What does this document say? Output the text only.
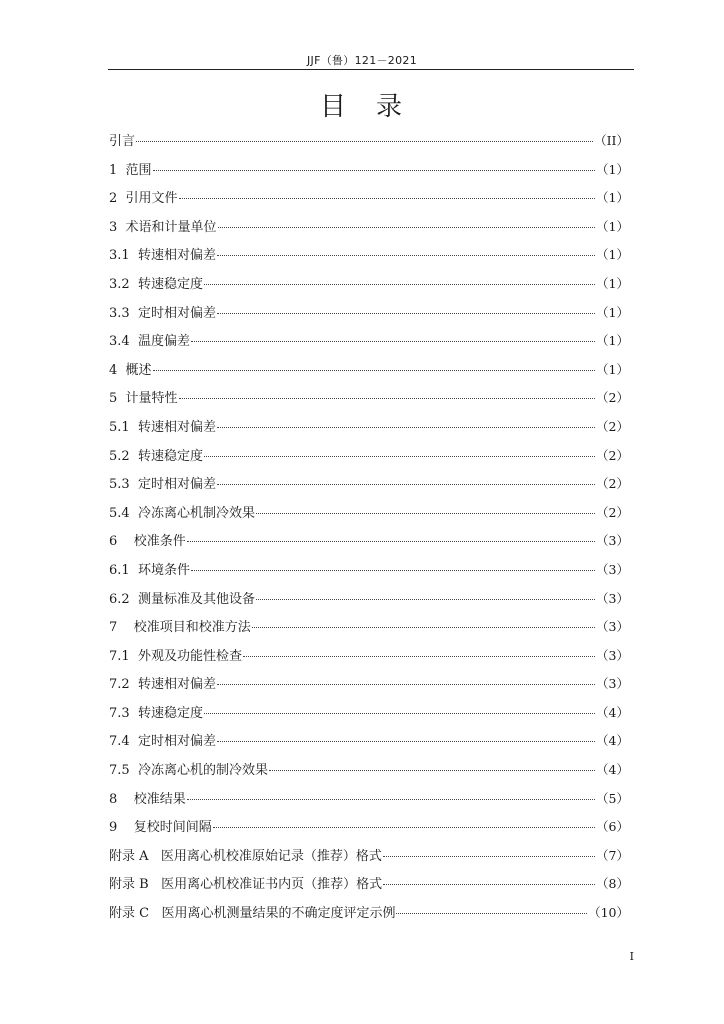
JJF（鲁）121－2021
目　录
引言	（II）
1  范围	（1）
2  引用文件	（1）
3  术语和计量单位	（1）
3.1  转速相对偏差	（1）
3.2  转速稳定度	（1）
3.3  定时相对偏差	（1）
3.4  温度偏差	（1）
4  概述	（1）
5  计量特性	（2）
5.1  转速相对偏差	（2）
5.2  转速稳定度	（2）
5.3  定时相对偏差	（2）
5.4  冷冻离心机制冷效果	（2）
6    校准条件	（3）
6.1  环境条件	（3）
6.2  测量标准及其他设备	（3）
7    校准项目和校准方法	（3）
7.1  外观及功能性检查	（3）
7.2  转速相对偏差	（3）
7.3  转速稳定度	（4）
7.4  定时相对偏差	（4）
7.5  冷冻离心机的制冷效果	（4）
8    校准结果	（5）
9    复校时间间隔	（6）
附录 A   医用离心机校准原始记录（推荐）格式	（7）
附录 B   医用离心机校准证书内页（推荐）格式	（8）
附录 C   医用离心机测量结果的不确定度评定示例	（10）
I
